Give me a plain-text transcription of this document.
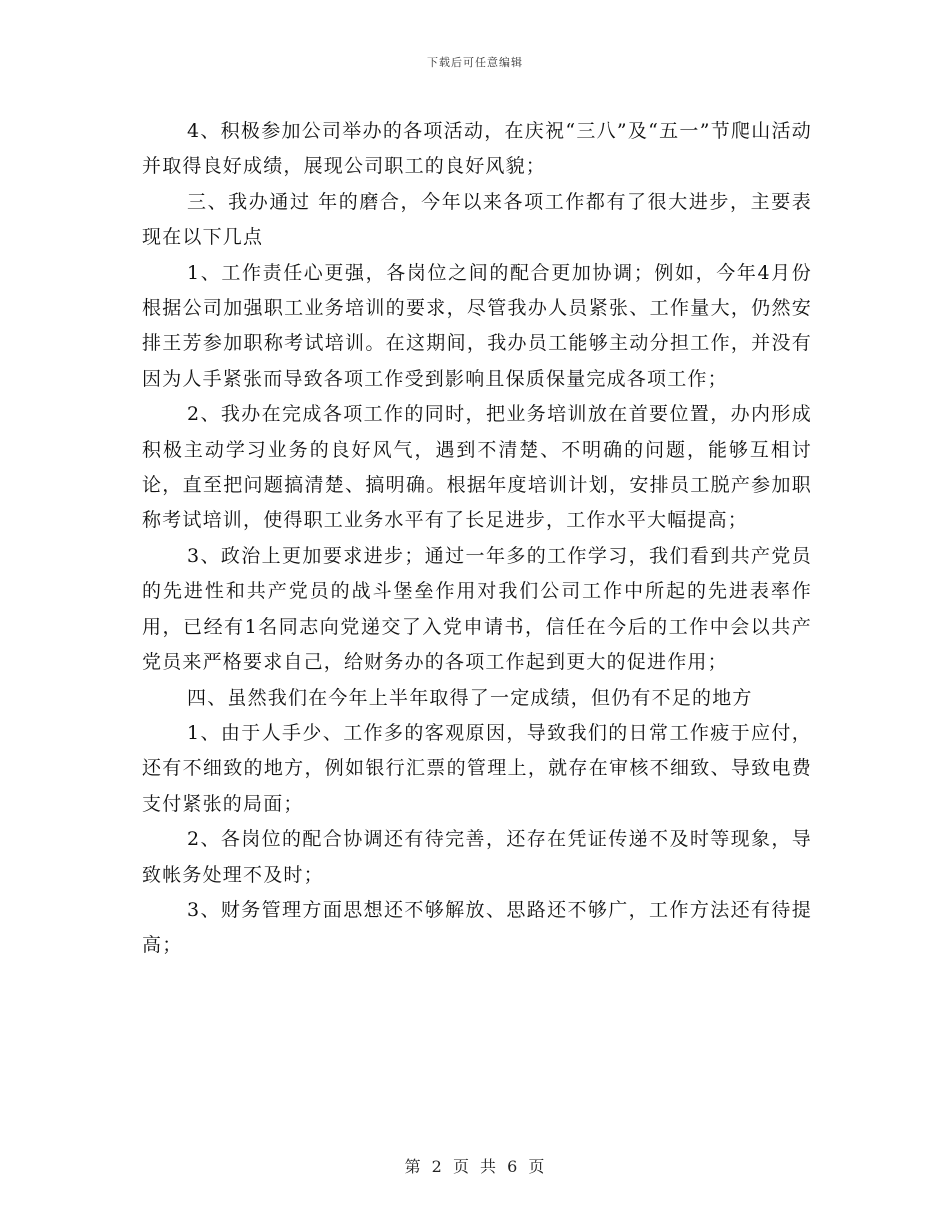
下载后可任意编辑

4、积极参加公司举办的各项活动，在庆祝“三八”及“五一”节爬山活动并取得良好成绩，展现公司职工的良好风貌；

三、我办通过 年的磨合，今年以来各项工作都有了很大进步，主要表现在以下几点

1、工作责任心更强，各岗位之间的配合更加协调；例如，今年4月份根据公司加强职工业务培训的要求，尽管我办人员紧张、工作量大，仍然安排王芳参加职称考试培训。在这期间，我办员工能够主动分担工作，并没有因为人手紧张而导致各项工作受到影响且保质保量完成各项工作；

2、我办在完成各项工作的同时，把业务培训放在首要位置，办内形成积极主动学习业务的良好风气，遇到不清楚、不明确的问题，能够互相讨论，直至把问题搞清楚、搞明确。根据年度培训计划，安排员工脱产参加职称考试培训，使得职工业务水平有了长足进步，工作水平大幅提高；

3、政治上更加要求进步；通过一年多的工作学习，我们看到共产党员的先进性和共产党员的战斗堡垒作用对我们公司工作中所起的先进表率作用，已经有1名同志向党递交了入党申请书，信任在今后的工作中会以共产党员来严格要求自己，给财务办的各项工作起到更大的促进作用；

四、虽然我们在今年上半年取得了一定成绩，但仍有不足的地方

1、由于人手少、工作多的客观原因，导致我们的日常工作疲于应付，还有不细致的地方，例如银行汇票的管理上，就存在审核不细致、导致电费支付紧张的局面；

2、各岗位的配合协调还有待完善，还存在凭证传递不及时等现象，导致帐务处理不及时；

3、财务管理方面思想还不够解放、思路还不够广，工作方法还有待提高；

第 2 页 共 6 页
